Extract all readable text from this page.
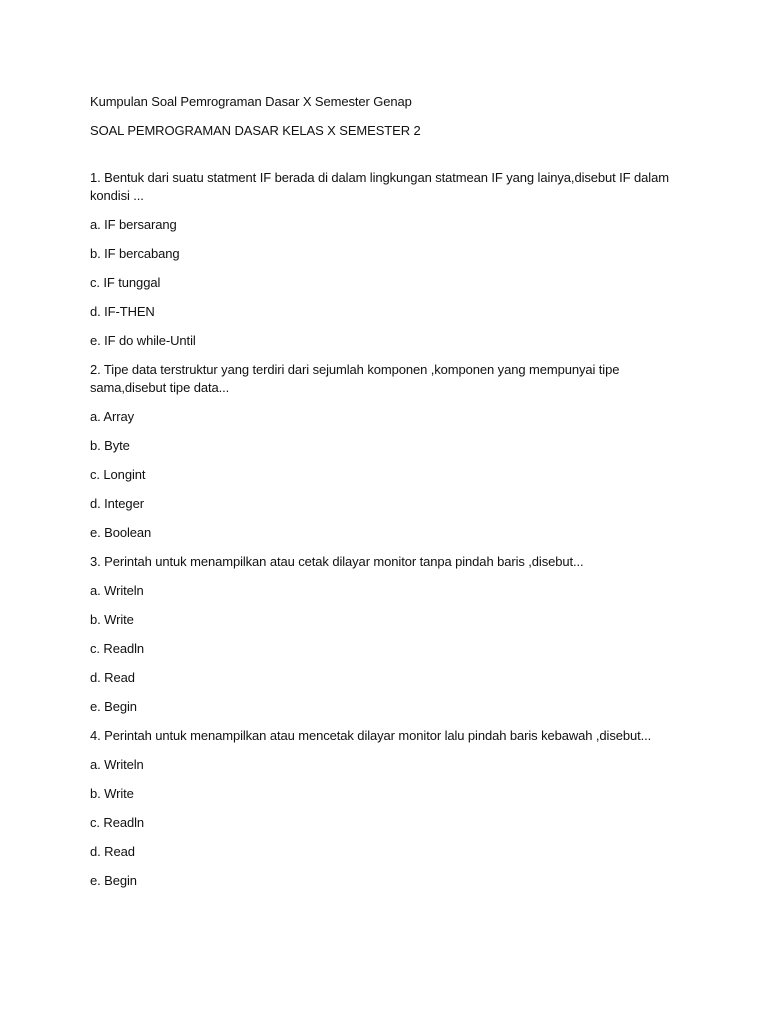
Kumpulan Soal Pemrograman Dasar X Semester Genap

SOAL PEMROGRAMAN DASAR KELAS X SEMESTER 2

1. Bentuk dari suatu statment IF berada di dalam lingkungan statmean IF yang lainya,disebut IF dalam kondisi ...

a. IF bersarang

b. IF bercabang

c. IF tunggal

d. IF-THEN

e. IF do while-Until

2. Tipe data terstruktur yang terdiri dari sejumlah komponen ,komponen yang mempunyai tipe sama,disebut tipe data...

a. Array

b. Byte

c. Longint

d. Integer

e. Boolean

3. Perintah untuk menampilkan atau cetak dilayar monitor tanpa pindah baris ,disebut...

a. Writeln

b. Write

c. Readln

d. Read

e. Begin

4. Perintah untuk menampilkan atau mencetak dilayar monitor lalu pindah baris kebawah ,disebut...

a. Writeln

b. Write

c. Readln

d. Read

e. Begin
